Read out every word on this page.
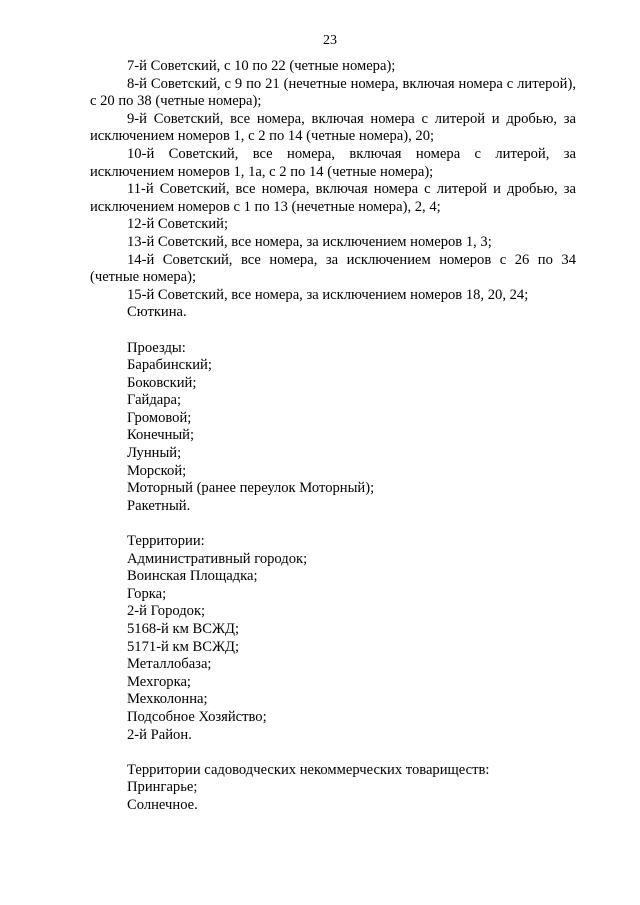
23

7-й Советский, с 10 по 22 (четные номера);

8-й Советский, с 9 по 21 (нечетные номера, включая номера с литерой), с 20 по 38 (четные номера);

9-й Советский, все номера, включая номера с литерой и дробью, за исключением номеров 1, с 2 по 14 (четные номера), 20;

10-й Советский, все номера, включая номера с литерой, за исключением номеров 1, 1а, с 2 по 14 (четные номера);

11-й Советский, все номера, включая номера с литерой и дробью, за исключением номеров с 1 по 13 (нечетные номера), 2, 4;

12-й Советский;

13-й Советский, все номера, за исключением номеров 1, 3;

14-й Советский, все номера, за исключением номеров с 26 по 34 (четные номера);

15-й Советский, все номера, за исключением номеров 18, 20, 24;

Сюткина.

Проезды:

Барабинский;

Боковский;

Гайдара;

Громовой;

Конечный;

Лунный;

Морской;

Моторный (ранее переулок Моторный);

Ракетный.

Территории:

Административный городок;

Воинская Площадка;

Горка;

2-й Городок;

5168-й км ВСЖД;

5171-й км ВСЖД;

Металлобаза;

Мехгорка;

Мехколонна;

Подсобное Хозяйство;

2-й Район.

Территории садоводческих некоммерческих товариществ:

Прингарье;

Солнечное.
